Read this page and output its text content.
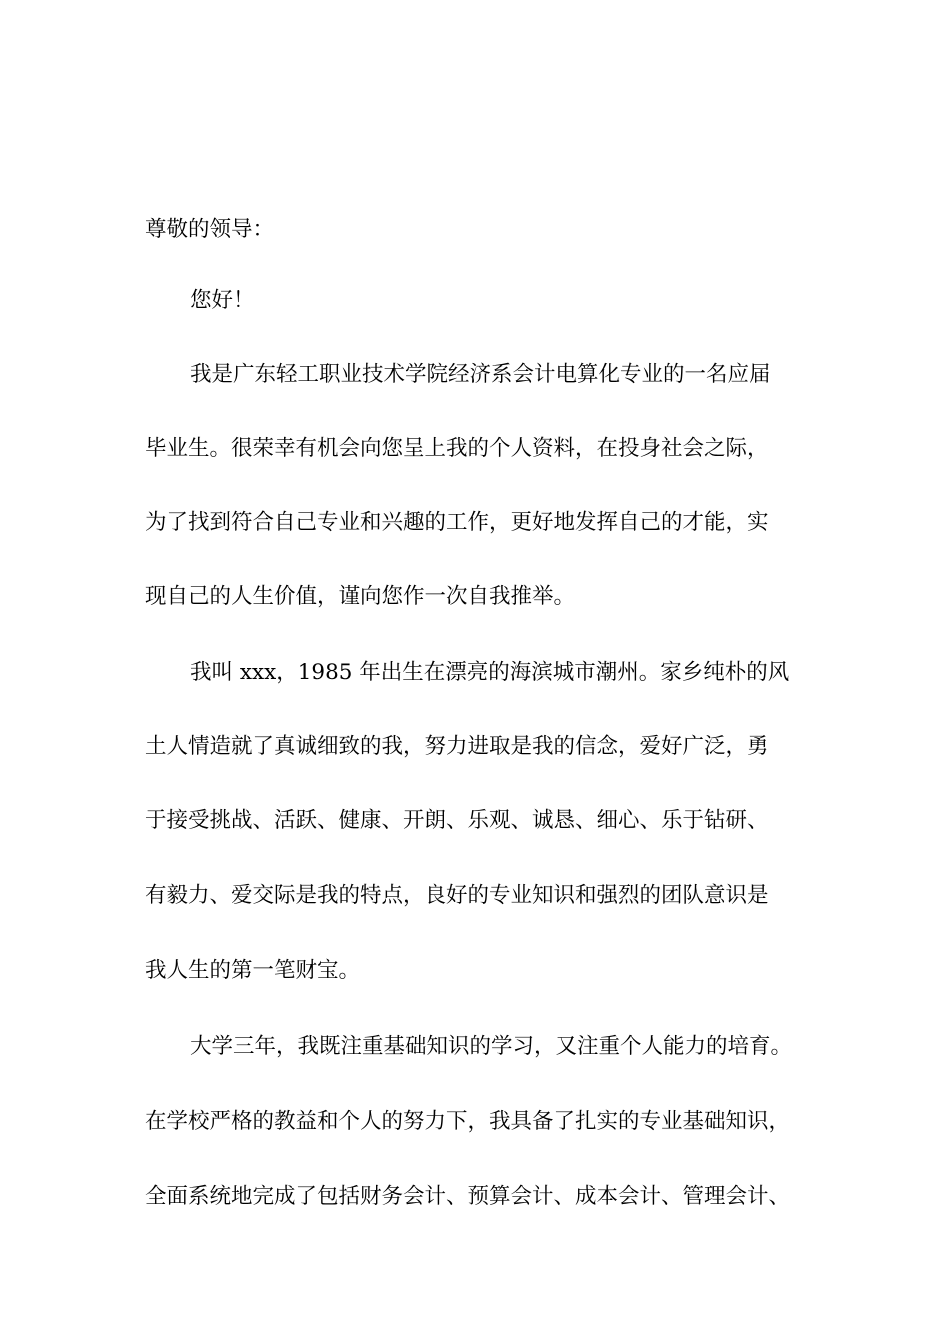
尊敬的领导：
您好！
我是广东轻工职业技术学院经济系会计电算化专业的一名应届
毕业生。很荣幸有机会向您呈上我的个人资料，在投身社会之际，
为了找到符合自己专业和兴趣的工作，更好地发挥自己的才能，实
现自己的人生价值，谨向您作一次自我推举。
我叫 xxx，1985 年出生在漂亮的海滨城市潮州。家乡纯朴的风
土人情造就了真诚细致的我，努力进取是我的信念，爱好广泛，勇
于接受挑战、活跃、健康、开朗、乐观、诚恳、细心、乐于钻研、
有毅力、爱交际是我的特点，良好的专业知识和强烈的团队意识是
我人生的第一笔财宝。
大学三年，我既注重基础知识的学习，又注重个人能力的培育。
在学校严格的教益和个人的努力下，我具备了扎实的专业基础知识，
全面系统地完成了包括财务会计、预算会计、成本会计、管理会计、
